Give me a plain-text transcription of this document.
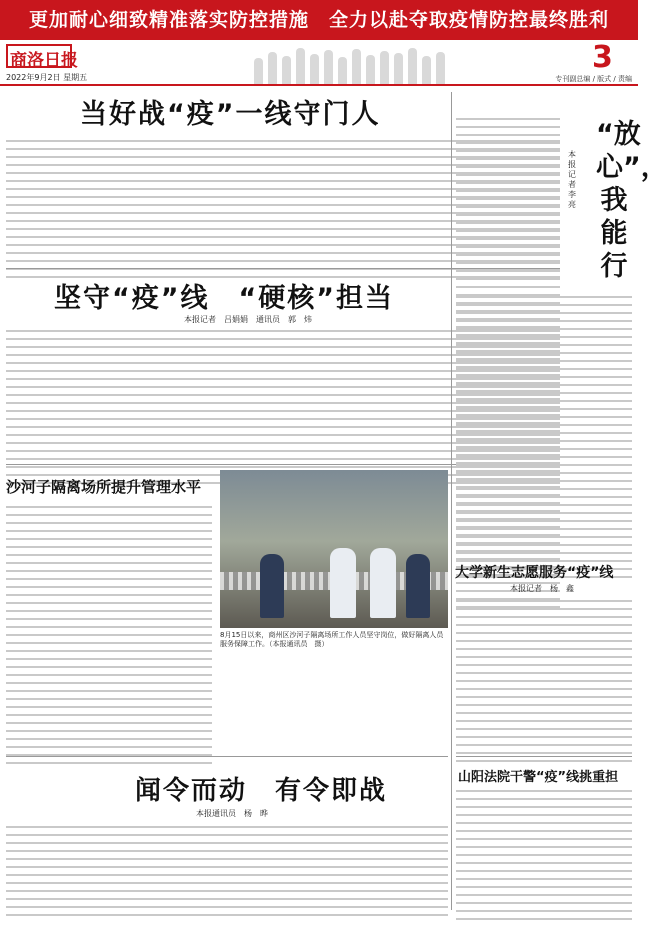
更加耐心细致精准落实防控措施　全力以赴夺取疫情防控最终胜利
商洛日报	3
专刊副总编 / 版式 / 责编
2022年9月2日 星期五
当好战“疫”一线守门人
坚守“疫”线　“硬核”担当
本报记者　吕娟娟　通讯员　郭　炜
沙河子隔离场所提升管理水平
8月15日以来，商州区沙河子隔离场所工作人员坚守岗位，做好隔离人员服务保障工作。（本报通讯员　摄）
“放心”，我能行
本报记者　李　亮
大学新生志愿服务“疫”线
本报记者　杨　鑫
闻令而动　有令即战
本报通讯员　杨　晔
山阳法院干警“疫”线挑重担
